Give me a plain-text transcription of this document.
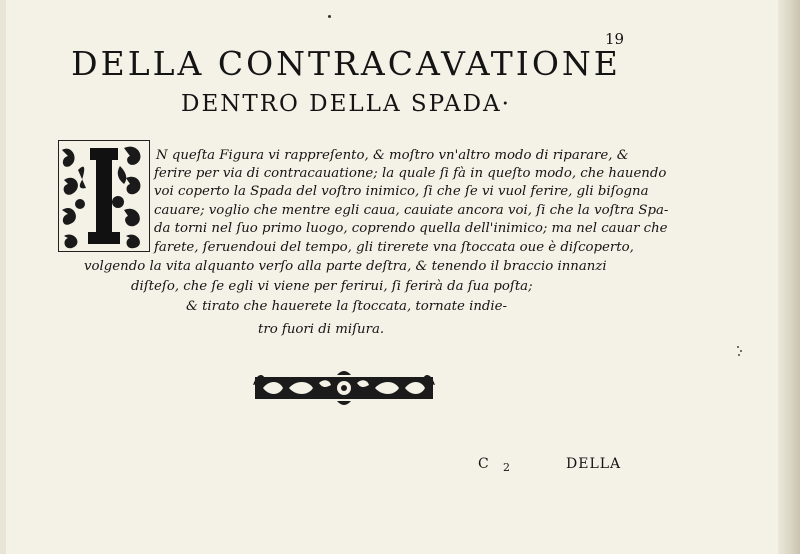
19
DELLA CONTRACAVATIONE
DENTRO DELLA SPADA·
N queſta Figura vi rappreſento, & moſtro vn'altro modo di riparare, &
ferire per via di contracauatione; la quale ſi fà in queſto modo, che hauendo
voi coperto la Spada del voſtro inimico, ſi che ſe vi vuol ferire, gli biſogna
cauare; voglio che mentre egli caua, cauiate ancora voi, ſi che la voſtra Spa-
da torni nel ſuo primo luogo, coprendo quella dell'inimico; ma nel cauar che
farete, ſeruendoui del tempo, gli tirerete vna ſtoccata oue è diſcoperto,
volgendo la vita alquanto verſo alla parte deſtra, & tenendo il braccio innanzi
diſteſo, che ſe egli vi viene per ferirui, ſi ferirà da ſua poſta;
& tirato che hauerete la ſtoccata, tornate indie-
tro fuori di miſura.
C 2	DELLA
